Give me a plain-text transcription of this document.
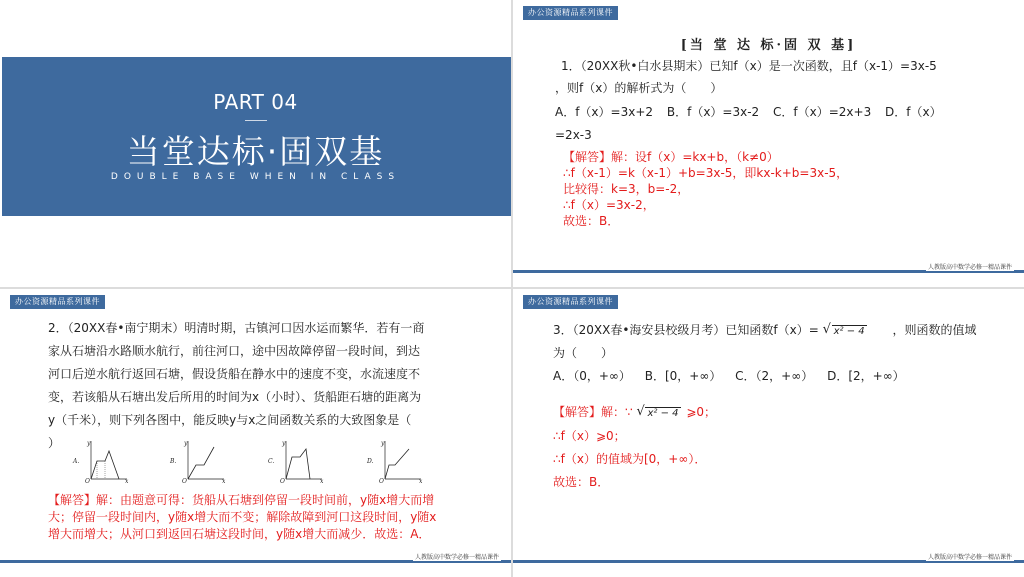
PART 04
当堂达标·固双基
DOUBLE BASE WHEN IN CLASS
办公资源精品系列课件
[当 堂 达 标·固 双 基]
1．（20XX秋•白水县期末）已知f（x）是一次函数，且f（x-1）=3x-5
，则f（x）的解析式为（　　）
A．f（x）=3x+2 B．f（x）=3x-2 C．f（x）=2x+3 D．f（x）
=2x-3
【解答】解：设f（x）=kx+b，（k≠0）
∴f（x-1）=k（x-1）+b=3x-5，即kx-k+b=3x-5，
比较得：k=3，b=-2，
∴f（x）=3x-2，
故选：B．
人教版高中数学必修一精品课件
办公资源精品系列课件
2．（20XX春•南宁期末）明清时期，古镇河口因水运而繁华．若有一商
家从石塘沿水路顺水航行，前往河口，途中因故障停留一段时间，到达
河口后逆水航行返回石塘，假设货船在静水中的速度不变，水流速度不
变，若该船从石塘出发后所用的时间为x（小时）、货船距石塘的距离为
y（千米），则下列各图中，能反映y与x之间函数关系的大致图象是（
）
A.
y
x
O
B.
y
x
O
C.
y
x
O
D.
y
x
O
【解答】解：由题意可得：货船从石塘到停留一段时间前，y随x增大而增
大；停留一段时间内，y随x增大而不变；解除故障到河口这段时间，y随x
增大而增大；从河口到返回石塘这段时间，y随x增大而减少．故选：A．
人教版高中数学必修一精品课件
办公资源精品系列课件
3．（20XX春•海安县校级月考）已知函数f（x）= √ x² − 4 ，则函数的值域
为（　　）
A．（0，+∞） B．[0，+∞） C．（2，+∞） D．[2，+∞）
【解答】解：∵ √ x² − 4 ⩾0；
∴f（x）⩾0；
∴f（x）的值域为[0，+∞）．
故选：B．
人教版高中数学必修一精品课件
